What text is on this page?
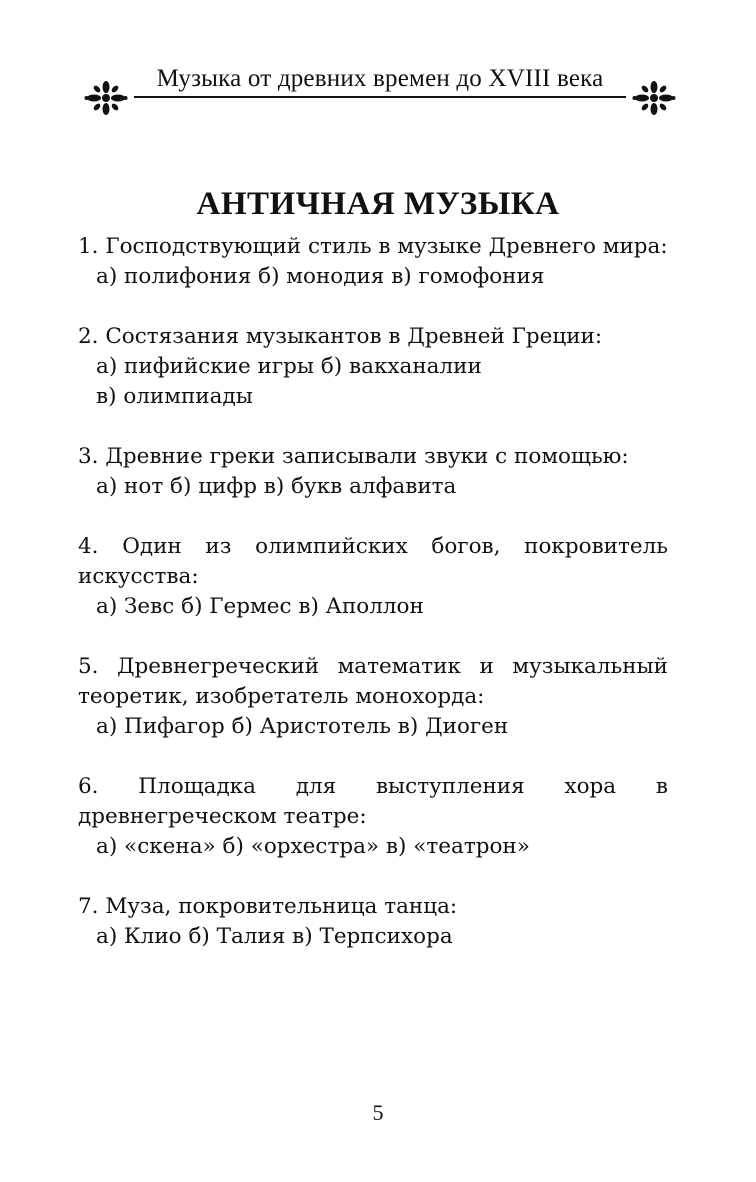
Музыка от древних времен до XVIII века
АНТИЧНАЯ МУЗЫКА
1. Господствующий стиль в музыке Древнего мира:
а) полифония б) монодия в) гомофония
2. Состязания музыкантов в Древней Греции:
а) пифийские игры б) вакханалии
в) олимпиады
3. Древние греки записывали звуки с помощью:
а) нот б) цифр в) букв алфавита
4. Один из олимпийских богов, покровитель искусства:
а) Зевс б) Гермес в) Аполлон
5. Древнегреческий математик и музыкальный теоретик, изобретатель монохорда:
а) Пифагор б) Аристотель в) Диоген
6. Площадка для выступления хора в древнегреческом театре:
а) «скена» б) «орхестра» в) «театрон»
7. Муза, покровительница танца:
а) Клио б) Талия в) Терпсихора
5
